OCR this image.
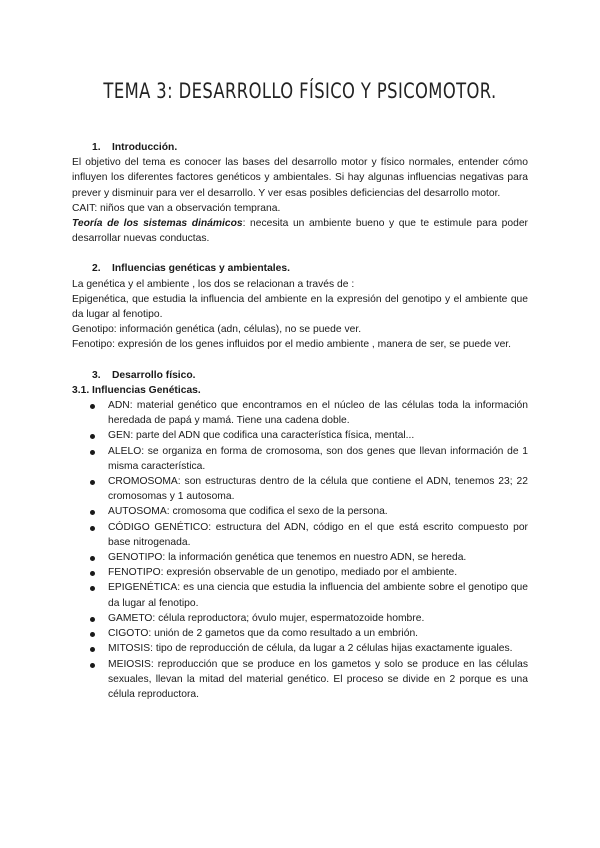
TEMA 3: DESARROLLO FÍSICO Y PSICOMOTOR.
1. Introducción.

El objetivo del tema es conocer las bases del desarrollo motor y físico normales, entender cómo influyen los diferentes factores genéticos y ambientales. Si hay algunas influencias negativas para prever y disminuir para ver el desarrollo. Y ver esas posibles deficiencias del desarrollo motor.

CAIT: niños que van a observación temprana.

Teoría de los sistemas dinámicos: necesita un ambiente bueno y que te estimule para poder desarrollar nuevas conductas.

2. Influencias genéticas y ambientales.

La genética y el ambiente , los dos se relacionan a través de :

Epigenética, que estudia la influencia del ambiente en la expresión del genotipo y el ambiente que da lugar al fenotipo.

Genotipo: información genética (adn, células), no se puede ver.

Fenotipo: expresión de los genes influidos por el medio ambiente , manera de ser, se puede ver.

3. Desarrollo físico.
3.1. Influencias Genéticas.
ADN: material genético que encontramos en el núcleo de las células toda la información heredada de papá y mamá. Tiene una cadena doble.
GEN: parte del ADN que codifica una característica física, mental...
ALELO: se organiza en forma de cromosoma, son dos genes que llevan información de 1 misma característica.
CROMOSOMA: son estructuras dentro de la célula que contiene el ADN, tenemos 23; 22 cromosomas y 1 autosoma.
AUTOSOMA: cromosoma que codifica el sexo de la persona.
CÓDIGO GENÉTICO: estructura del ADN, código en el que está escrito compuesto por base nitrogenada.
GENOTIPO: la información genética que tenemos en nuestro ADN, se hereda.
FENOTIPO: expresión observable de un genotipo, mediado por el ambiente.
EPIGENÉTICA: es una ciencia que estudia la influencia del ambiente sobre el genotipo que da lugar al fenotipo.
GAMETO: célula reproductora; óvulo mujer, espermatozoide hombre.
CIGOTO: unión de 2 gametos que da como resultado a un embrión.
MITOSIS: tipo de reproducción de célula, da lugar a 2 células hijas exactamente iguales.
MEIOSIS: reproducción que se produce en los gametos y solo se produce en las células sexuales, llevan la mitad del material genético. El proceso se divide en 2 porque es una célula reproductora.
